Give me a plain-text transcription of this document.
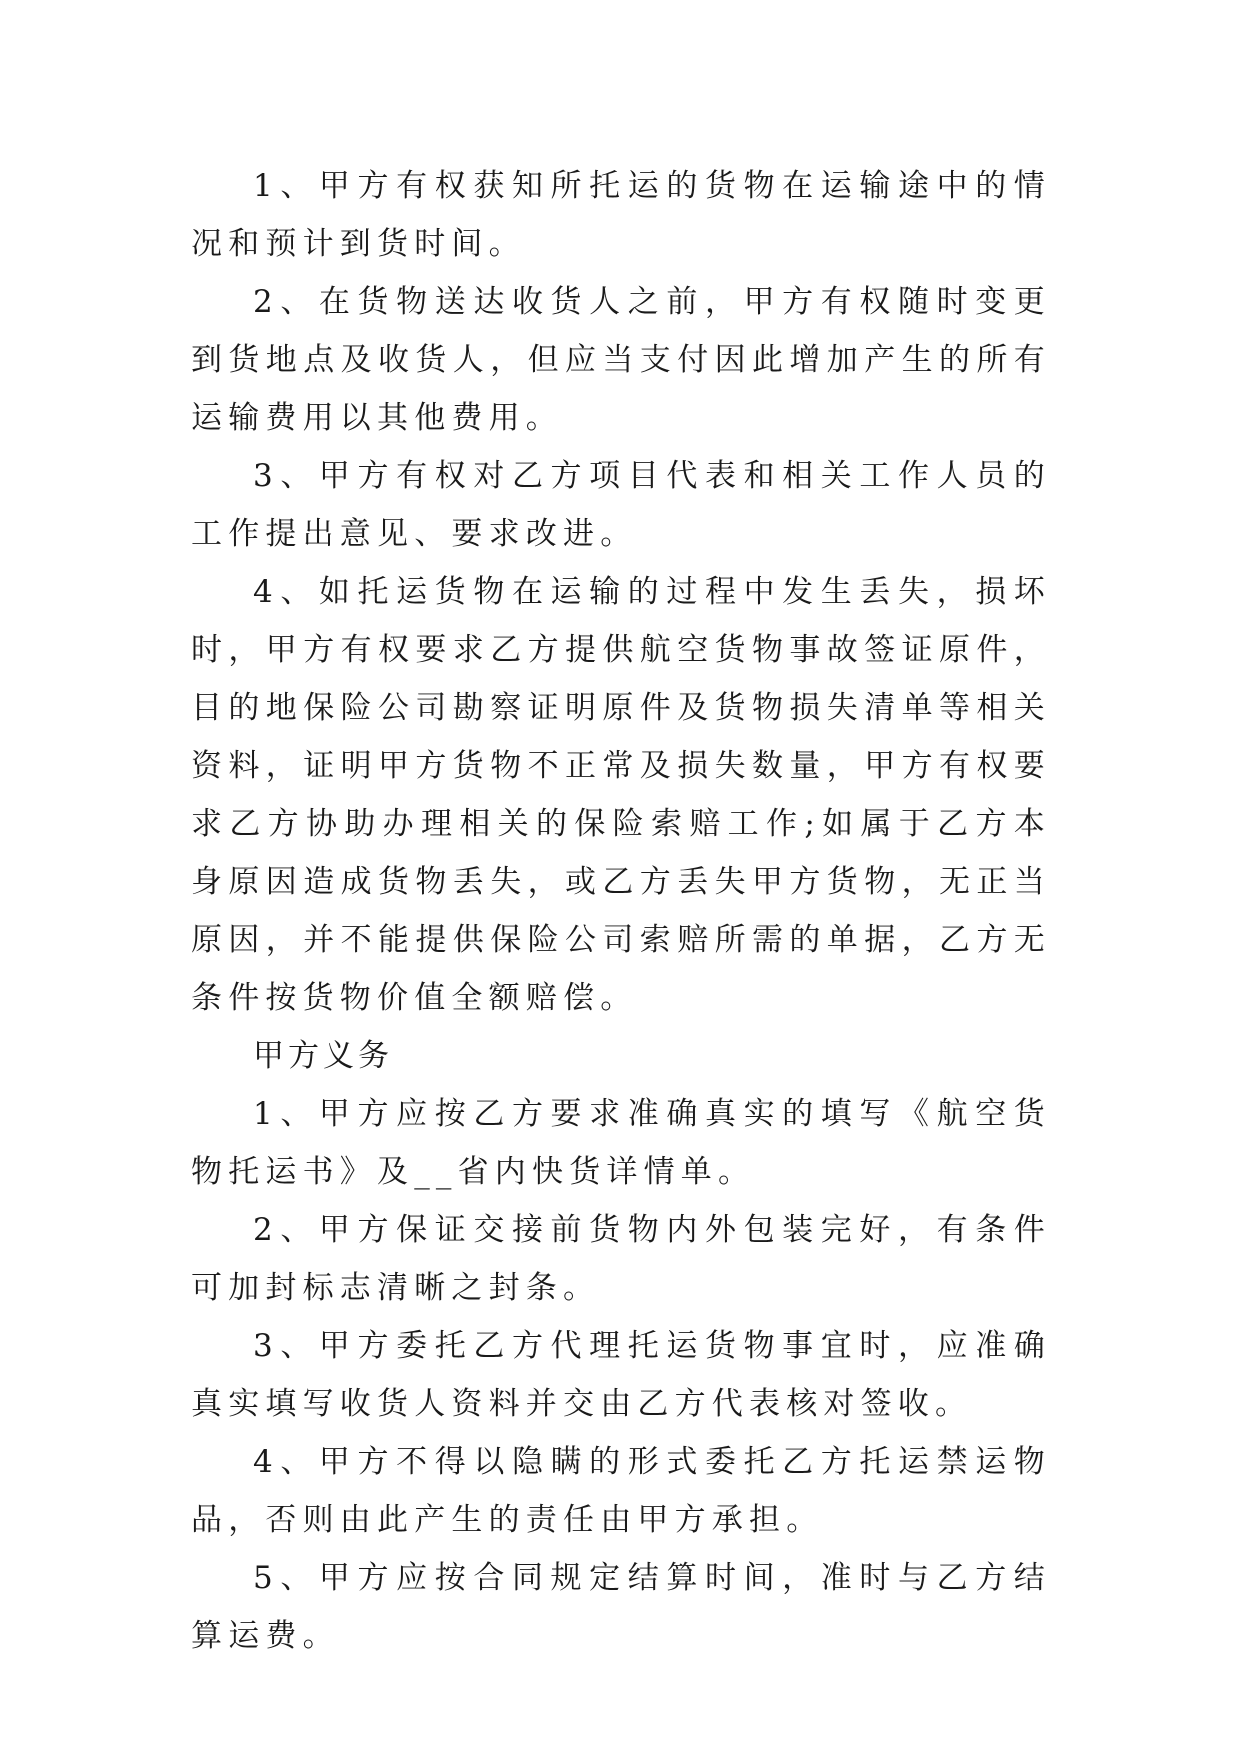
1、甲方有权获知所托运的货物在运输途中的情况和预计到货时间。

2、在货物送达收货人之前，甲方有权随时变更到货地点及收货人，但应当支付因此增加产生的所有运输费用以其他费用。

3、甲方有权对乙方项目代表和相关工作人员的工作提出意见、要求改进。

4、如托运货物在运输的过程中发生丢失，损坏时，甲方有权要求乙方提供航空货物事故签证原件，目的地保险公司勘察证明原件及货物损失清单等相关资料，证明甲方货物不正常及损失数量，甲方有权要求乙方协助办理相关的保险索赔工作;如属于乙方本身原因造成货物丢失，或乙方丢失甲方货物，无正当原因，并不能提供保险公司索赔所需的单据，乙方无条件按货物价值全额赔偿。

甲方义务

1、甲方应按乙方要求准确真实的填写《航空货物托运书》及__省内快货详情单。

2、甲方保证交接前货物内外包装完好，有条件可加封标志清晰之封条。

3、甲方委托乙方代理托运货物事宜时，应准确真实填写收货人资料并交由乙方代表核对签收。

4、甲方不得以隐瞒的形式委托乙方托运禁运物品，否则由此产生的责任由甲方承担。

5、甲方应按合同规定结算时间，准时与乙方结算运费。
